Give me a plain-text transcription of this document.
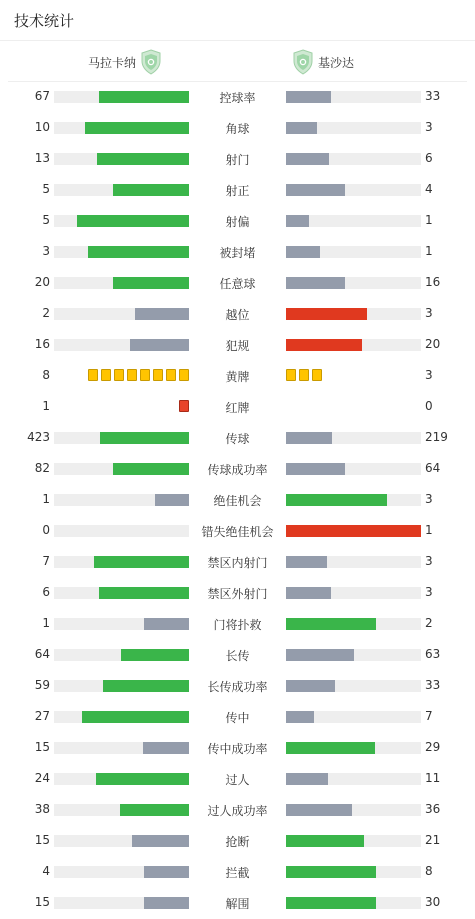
技术统计
马拉卡纳	基沙达
67	控球率	33
10	角球	3
13	射门	6
5	射正	4
5	射偏	1
3	被封堵	1
20	任意球	16
2	越位	3
16	犯规	20
8	黄牌	3
1	红牌	0
423	传球	219
82	传球成功率	64
1	绝佳机会	3
0	错失绝佳机会	1
7	禁区内射门	3
6	禁区外射门	3
1	门将扑救	2
64	长传	63
59	长传成功率	33
27	传中	7
15	传中成功率	29
24	过人	11
38	过人成功率	36
15	抢断	21
4	拦截	8
15	解围	30
